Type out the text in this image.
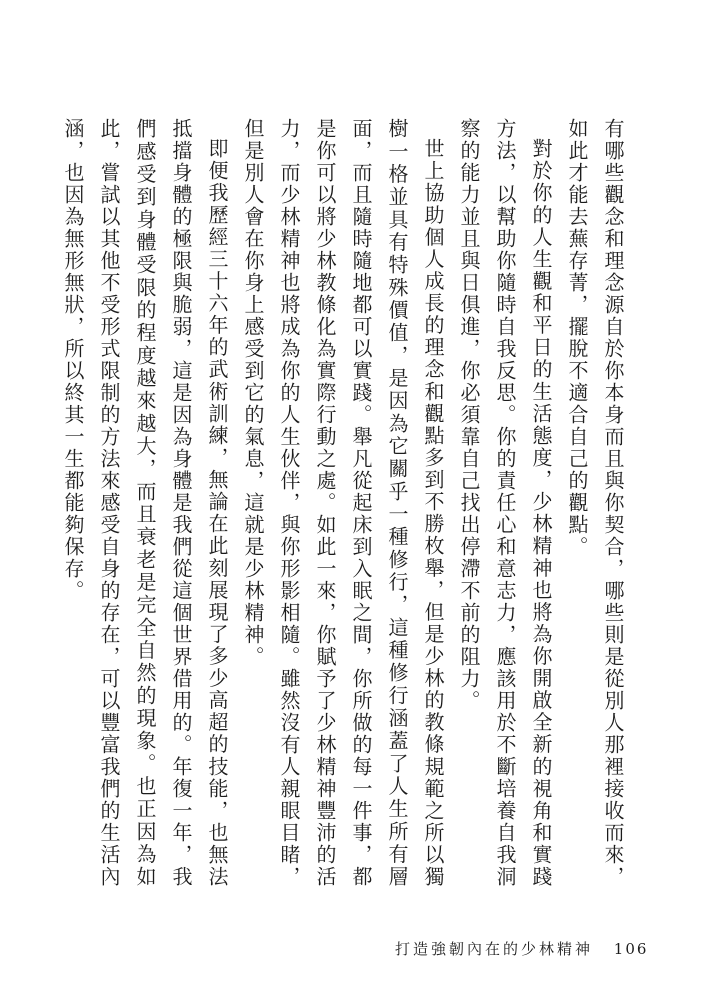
有哪些觀念和理念源自於你本身而且與你契合，哪些則是從別人那裡接收而來，如此才能去蕪存菁，擺脫不適合自己的觀點。

對於你的人生觀和平日的生活態度，少林精神也將為你開啟全新的視角和實踐方法，以幫助你隨時自我反思。你的責任心和意志力，應該用於不斷培養自我洞察的能力並且與日俱進，你必須靠自己找出停滯不前的阻力。

世上協助個人成長的理念和觀點多到不勝枚舉，但是少林的教條規範之所以獨樹一格並具有特殊價值，是因為它關乎一種修行，這種修行涵蓋了人生所有層面，而且隨時隨地都可以實踐。舉凡從起床到入眠之間，你所做的每一件事，都是你可以將少林教條化為實際行動之處。如此一來，你賦予了少林精神豐沛的活力，而少林精神也將成為你的人生伙伴，與你形影相隨。雖然沒有人親眼目睹，但是別人會在你身上感受到它的氣息，這就是少林精神。

即便我歷經三十六年的武術訓練，無論在此刻展現了多少高超的技能，也無法抵擋身體的極限與脆弱，這是因為身體是我們從這個世界借用的。年復一年，我們感受到身體受限的程度越來越大，而且衰老是完全自然的現象。也正因為如此，嘗試以其他不受形式限制的方法來感受自身的存在，可以豐富我們的生活內涵，也因為無形無狀，所以終其一生都能夠保存。

打造強韌內在的少林精神 106
